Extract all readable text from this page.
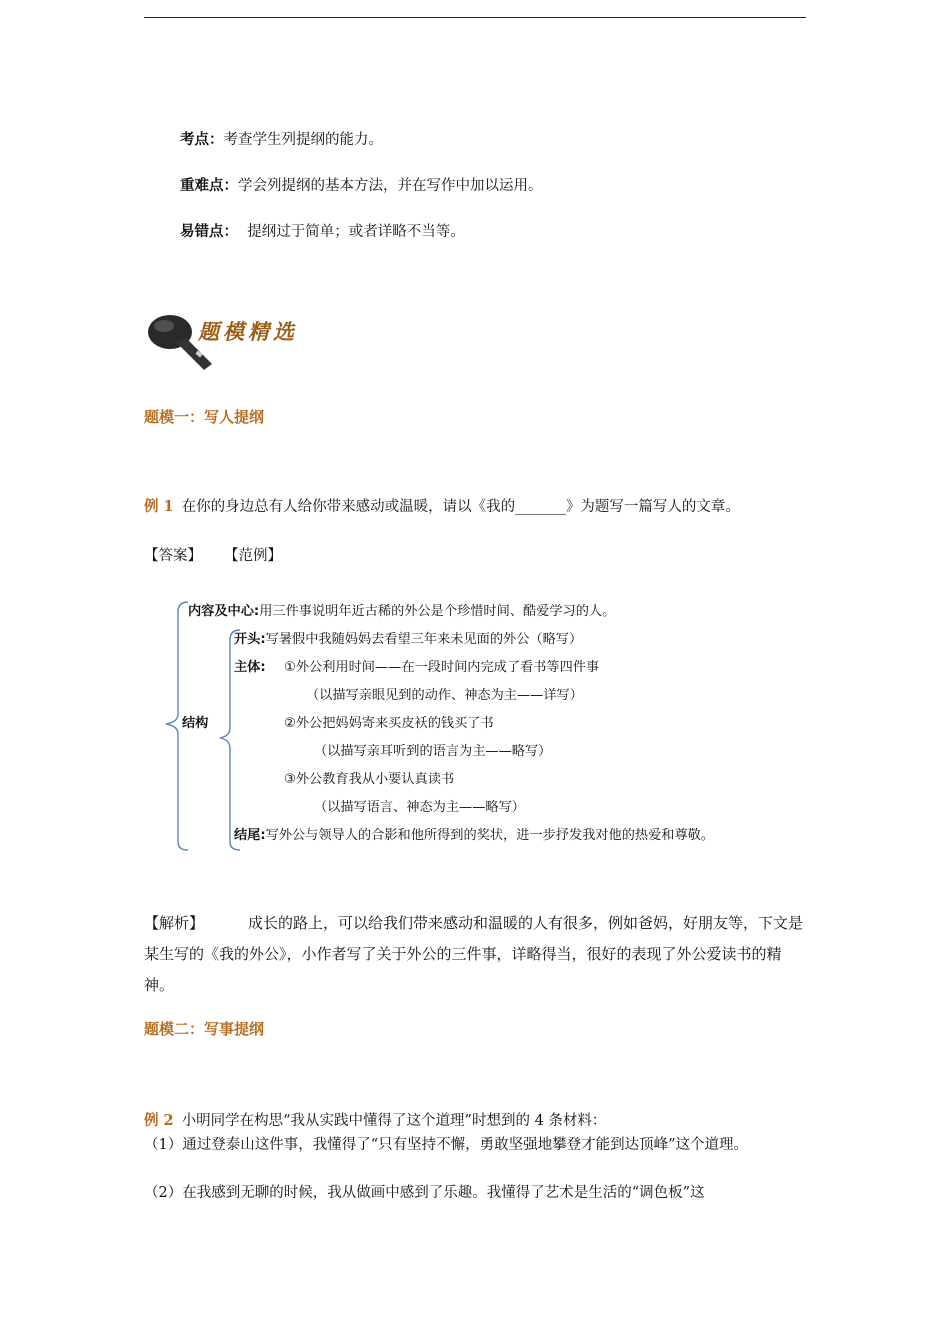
考点：考查学生列提纲的能力。
重难点：学会列提纲的基本方法，并在写作中加以运用。
易错点： 提纲过于简单；或者详略不当等。
题模精选
题模一：写人提纲
例 1 在你的身边总有人给你带来感动或温暖，请以《我的_______》为题写一篇写人的文章。
【答案】 【范例】
内容及中心:用三件事说明年近古稀的外公是个珍惜时间、酷爱学习的人。
结构
开头:写暑假中我随妈妈去看望三年来未见面的外公（略写）
主体: ①外公利用时间——在一段时间内完成了看书等四件事
（以描写亲眼见到的动作、神态为主——详写）
②外公把妈妈寄来买皮袄的钱买了书
（以描写亲耳听到的语言为主——略写）
③外公教育我从小要认真读书
（以描写语言、神态为主——略写）
结尾:写外公与领导人的合影和他所得到的奖状，进一步抒发我对他的热爱和尊敬。
【解析】	成长的路上，可以给我们带来感动和温暖的人有很多，例如爸妈，好朋友等，下文是某生写的《我的外公》，小作者写了关于外公的三件事，详略得当，很好的表现了外公爱读书的精神。
题模二：写事提纲
例 2 小明同学在构思“我从实践中懂得了这个道理”时想到的 4 条材料：
（1）通过登泰山这件事，我懂得了“只有坚持不懈，勇敢坚强地攀登才能到达顶峰”这个道理。
（2）在我感到无聊的时候，我从做画中感到了乐趣。我懂得了艺术是生活的“调色板”这
